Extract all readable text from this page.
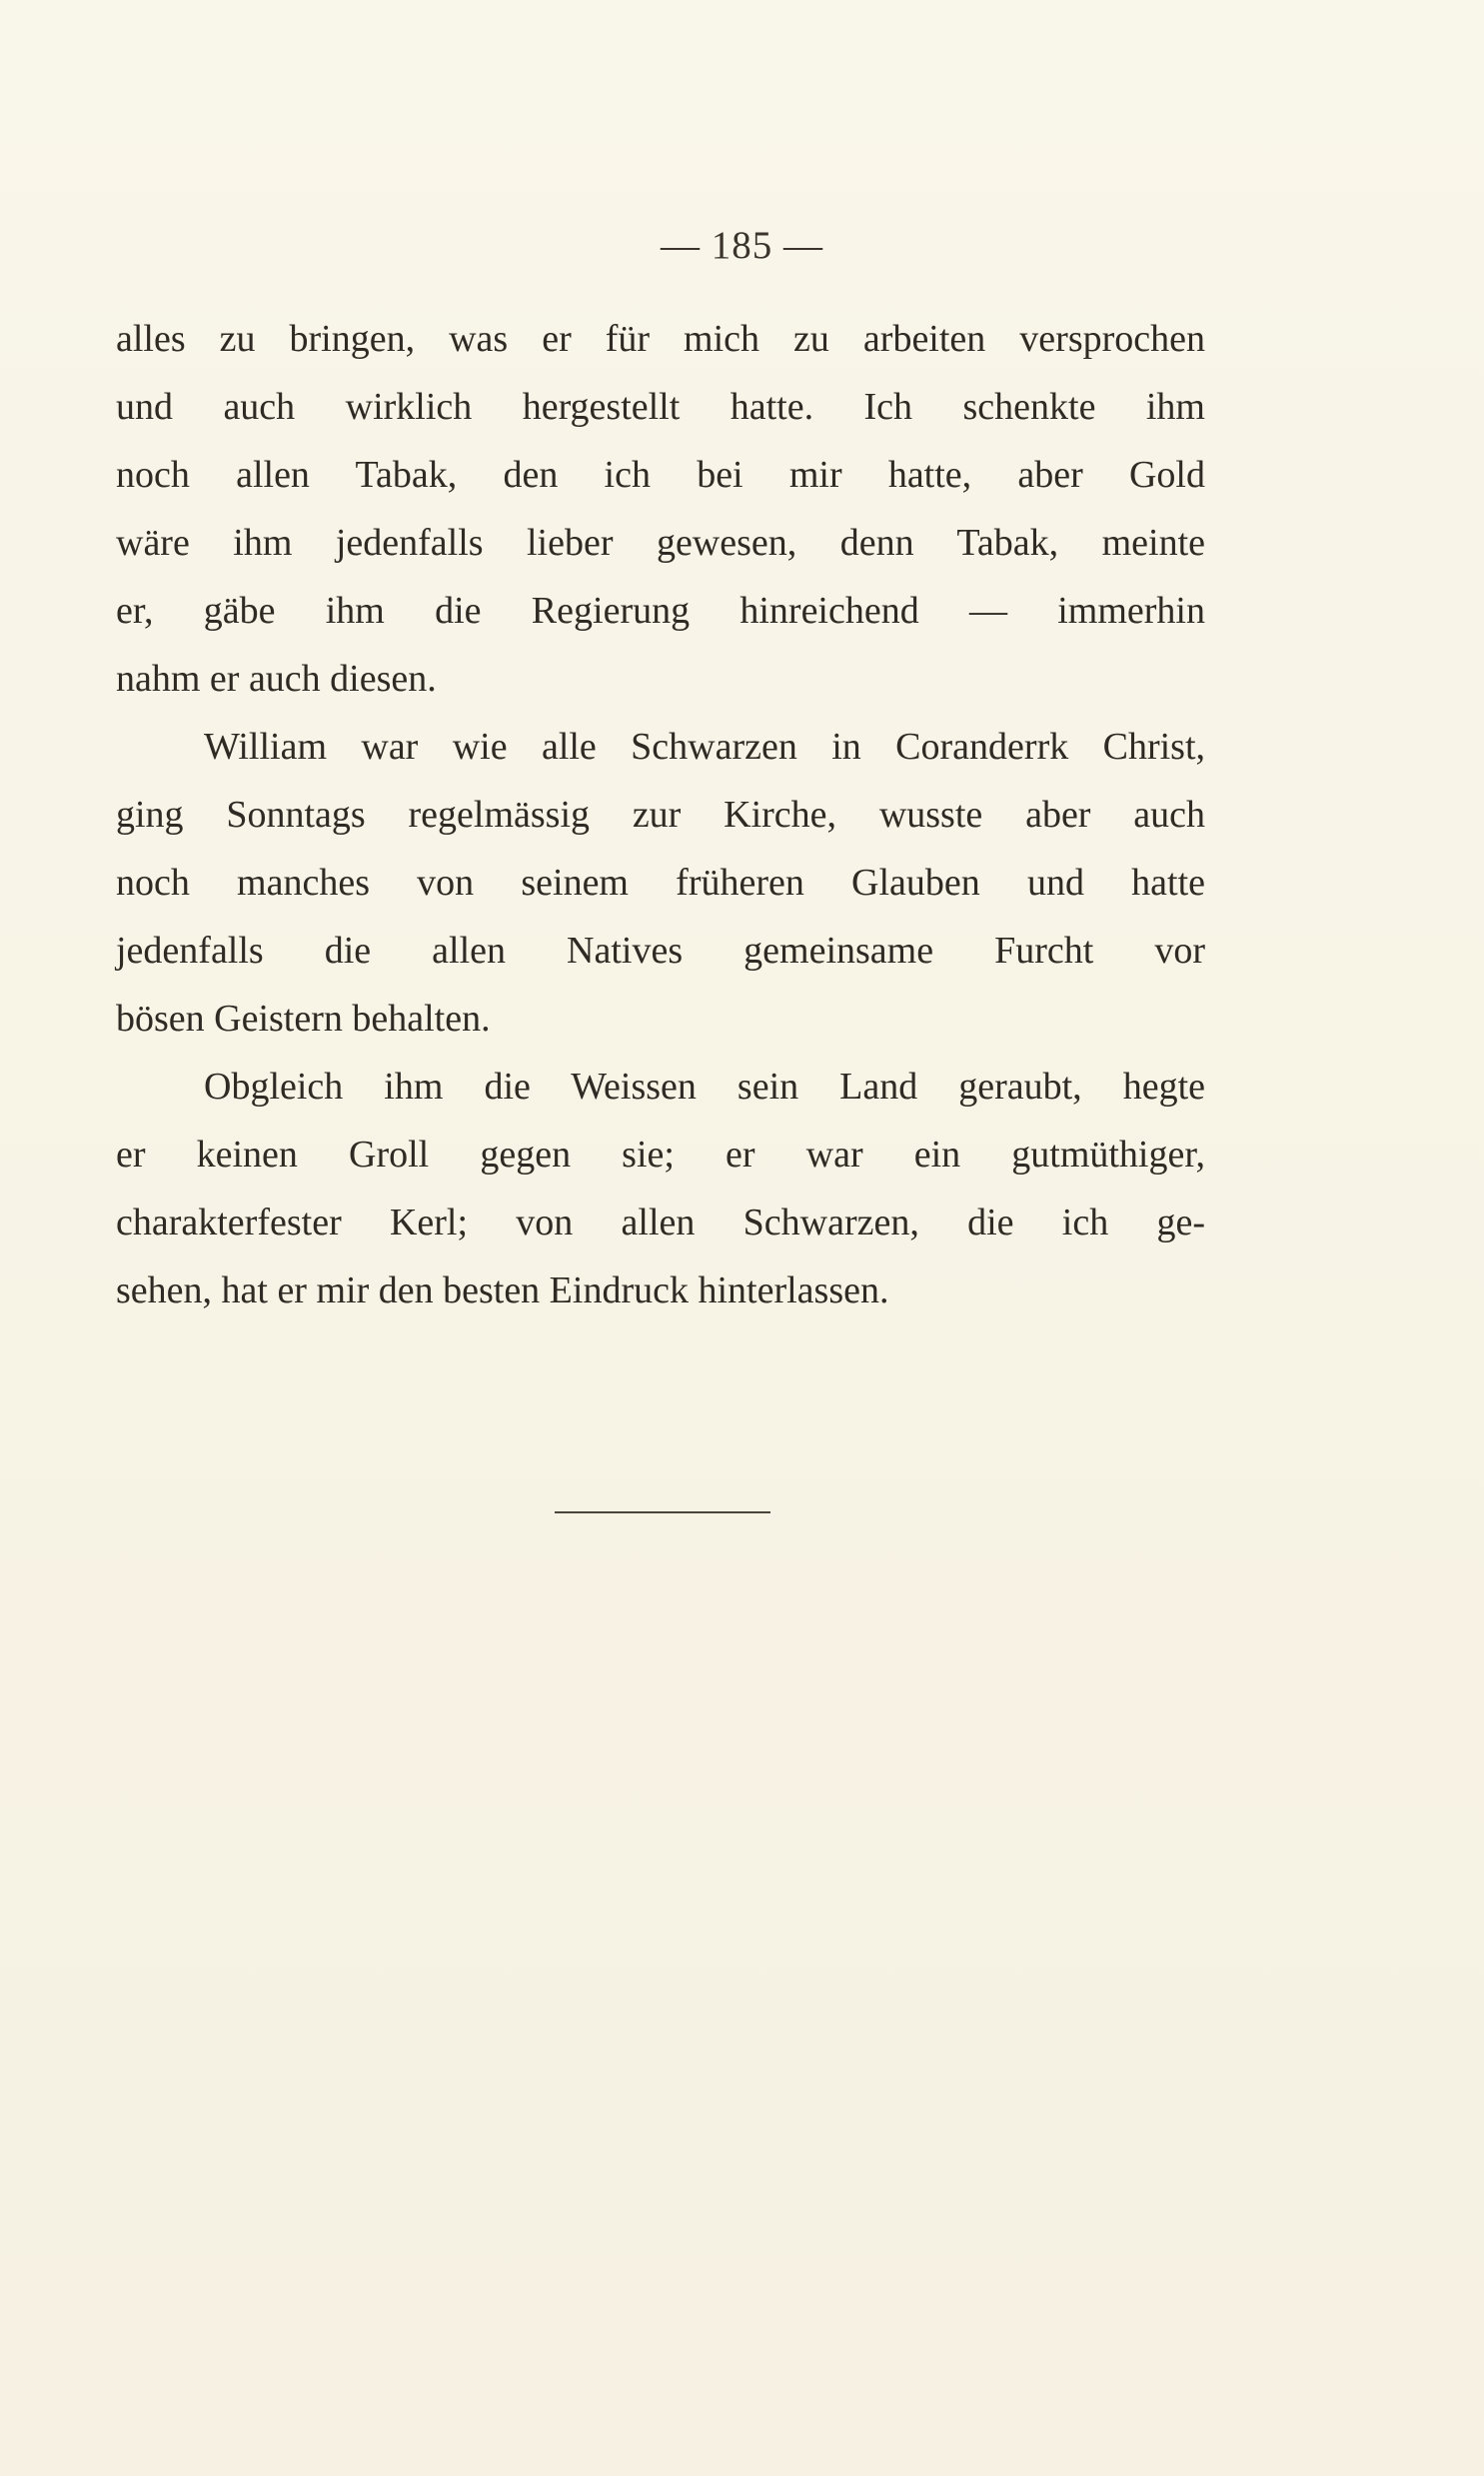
— 185 —
alles zu bringen, was er für mich zu arbeiten versprochen
und auch wirklich hergestellt hatte. Ich schenkte ihm
noch allen Tabak, den ich bei mir hatte, aber Gold
wäre ihm jedenfalls lieber gewesen, denn Tabak, meinte
er, gäbe ihm die Regierung hinreichend — immerhin
nahm er auch diesen.
William war wie alle Schwarzen in Coranderrk Christ,
ging Sonntags regelmässig zur Kirche, wusste aber auch
noch manches von seinem früheren Glauben und hatte
jedenfalls die allen Natives gemeinsame Furcht vor
bösen Geistern behalten.
Obgleich ihm die Weissen sein Land geraubt, hegte
er keinen Groll gegen sie; er war ein gutmüthiger,
charakterfester Kerl; von allen Schwarzen, die ich ge-
sehen, hat er mir den besten Eindruck hinterlassen.
